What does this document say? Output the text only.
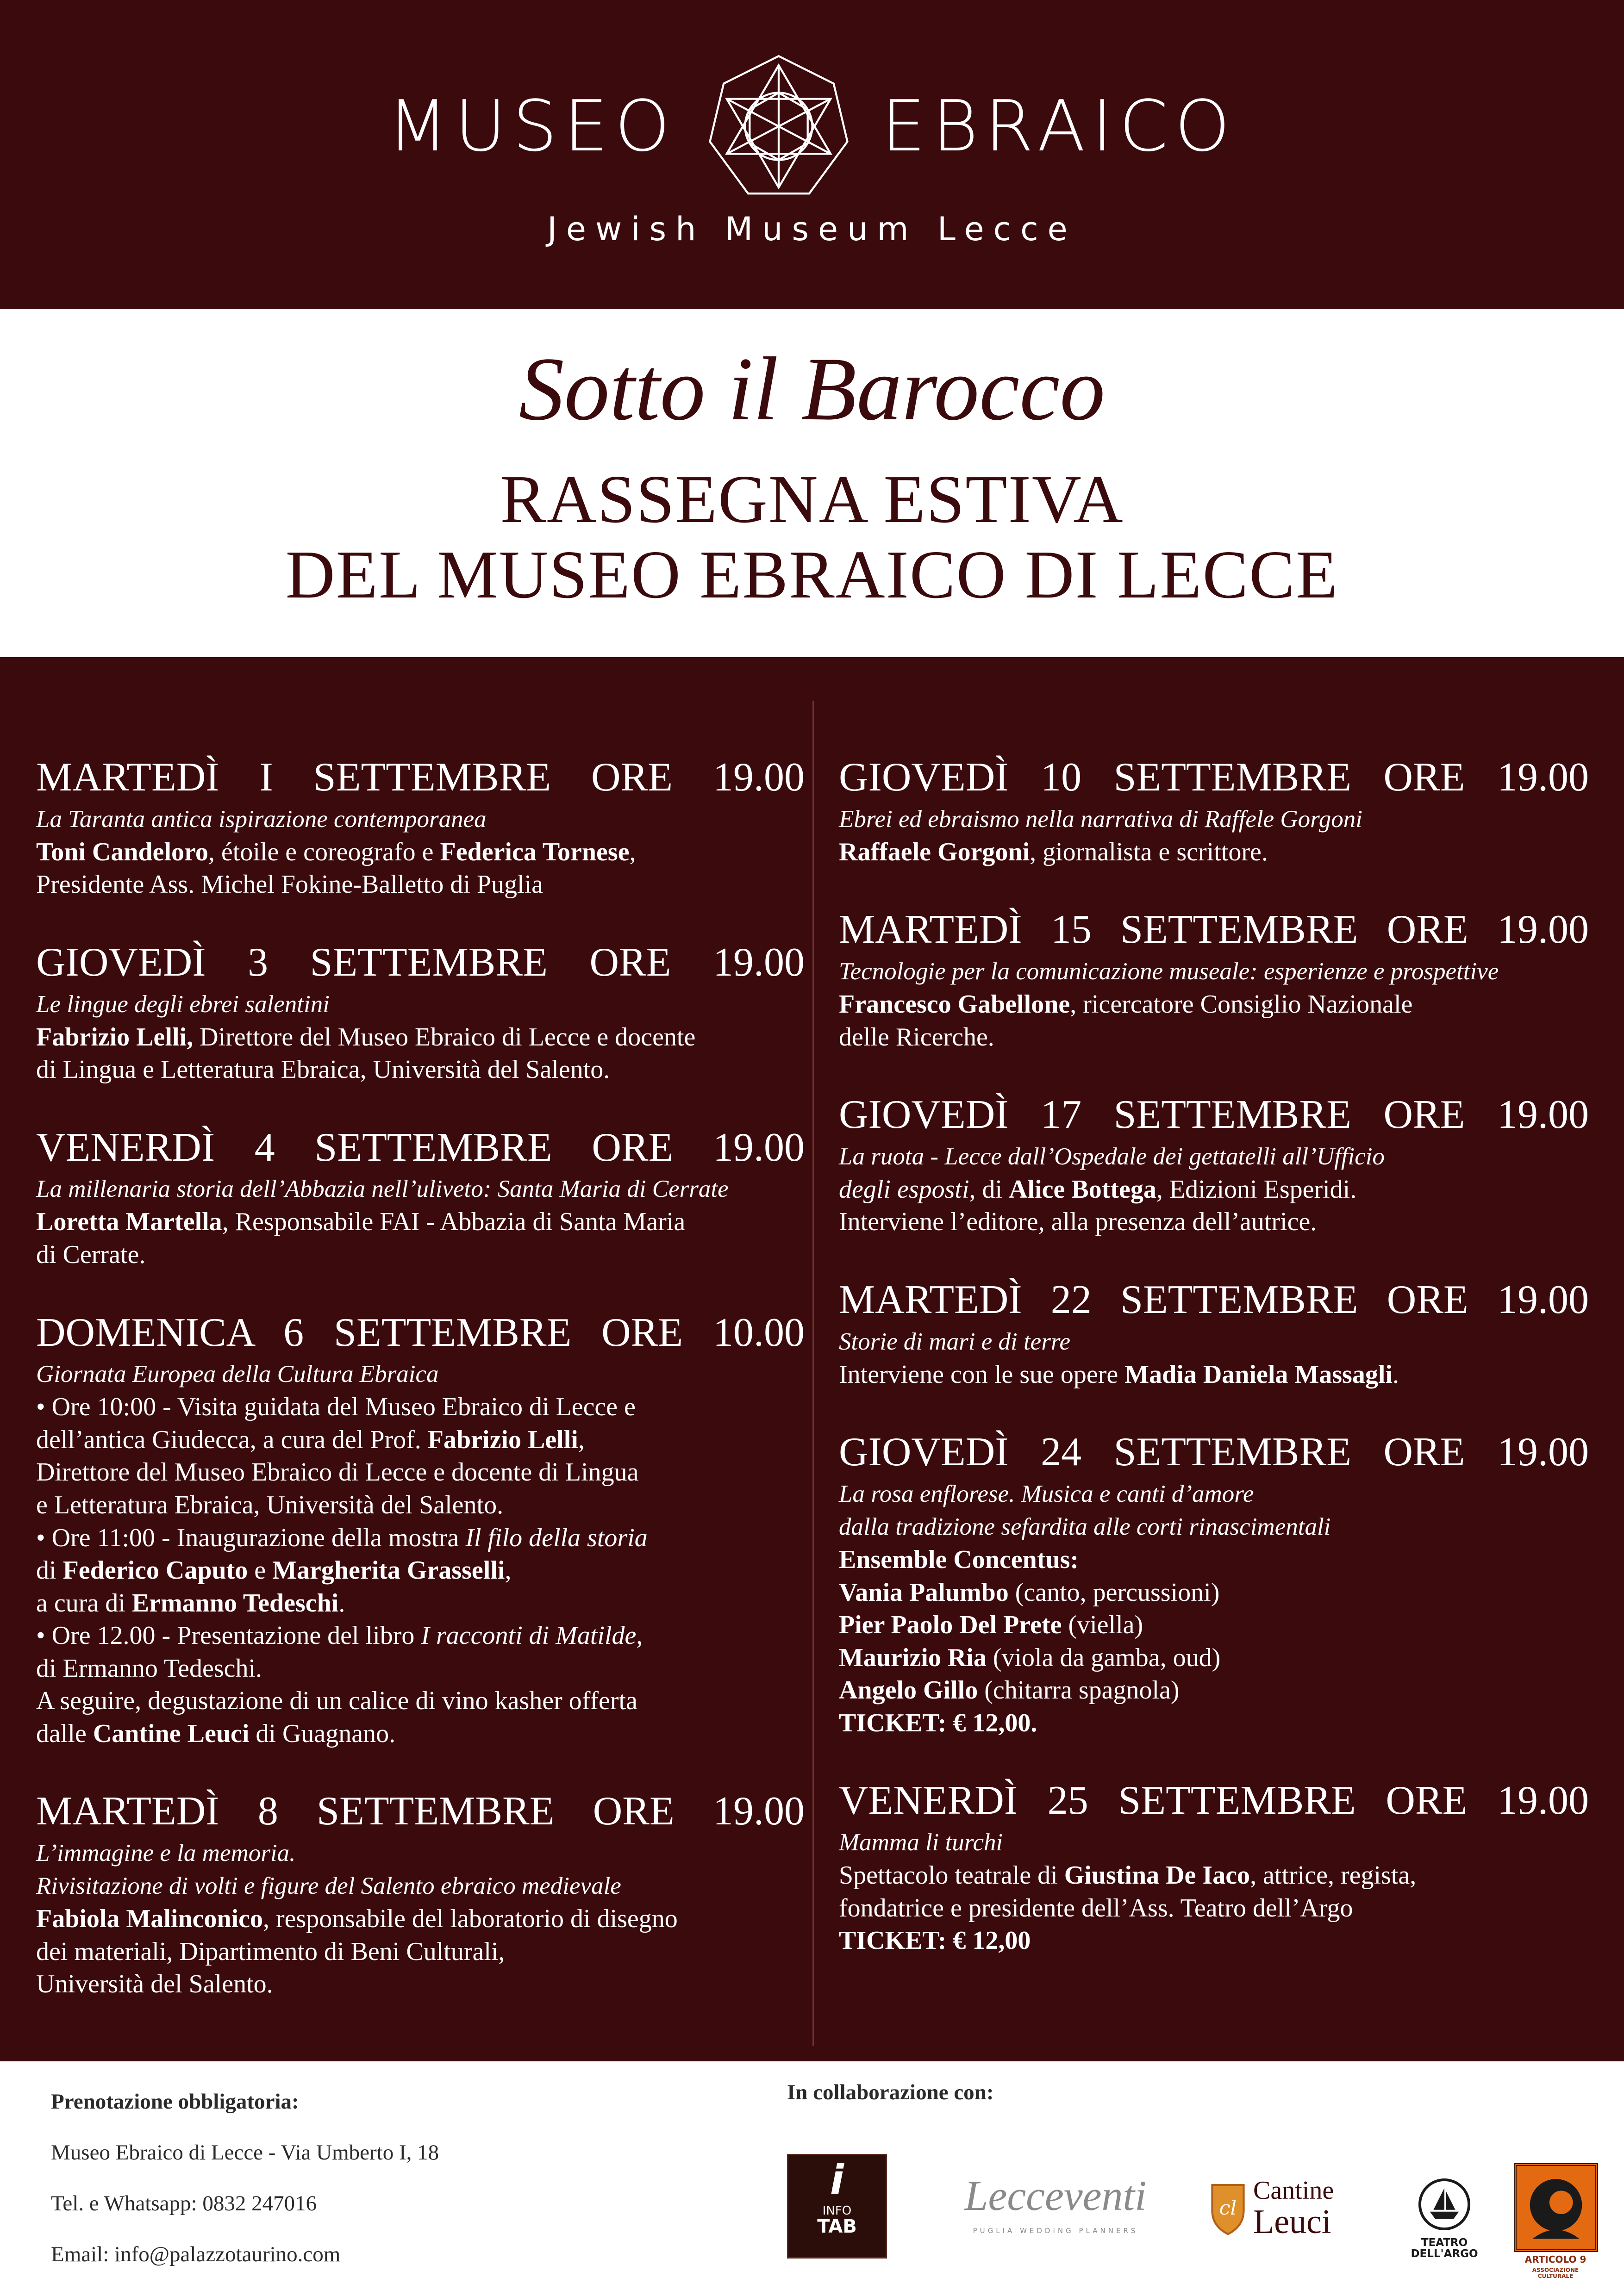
MUSEO	EBRAICO
Jewish Museum Lecce
Sotto il Barocco
RASSEGNA ESTIVA
DEL MUSEO EBRAICO DI LECCE
MARTEDÌ I SETTEMBRE ORE 19.00
La Taranta antica ispirazione contemporanea
Toni Candeloro, étoile e coreografo e Federica Tornese,
Presidente Ass. Michel Fokine-Balletto di Puglia
GIOVEDÌ 3 SETTEMBRE ORE 19.00
Le lingue degli ebrei salentini
Fabrizio Lelli, Direttore del Museo Ebraico di Lecce e docente
di Lingua e Letteratura Ebraica, Università del Salento.
VENERDÌ 4 SETTEMBRE ORE 19.00
La millenaria storia dell’Abbazia nell’uliveto: Santa Maria di Cerrate
Loretta Martella, Responsabile FAI - Abbazia di Santa Maria
di Cerrate.
DOMENICA 6 SETTEMBRE ORE 10.00
Giornata Europea della Cultura Ebraica
• Ore 10:00 - Visita guidata del Museo Ebraico di Lecce e
dell’antica Giudecca, a cura del Prof. Fabrizio Lelli,
Direttore del Museo Ebraico di Lecce e docente di Lingua
e Letteratura Ebraica, Università del Salento.
• Ore 11:00 - Inaugurazione della mostra Il filo della storia
di Federico Caputo e Margherita Grasselli,
a cura di Ermanno Tedeschi.
• Ore 12.00 - Presentazione del libro I racconti di Matilde,
di Ermanno Tedeschi.
A seguire, degustazione di un calice di vino kasher offerta
dalle Cantine Leuci di Guagnano.
MARTEDÌ 8 SETTEMBRE ORE 19.00
L’immagine e la memoria.
Rivisitazione di volti e figure del Salento ebraico medievale
Fabiola Malinconico, responsabile del laboratorio di disegno
dei materiali, Dipartimento di Beni Culturali,
Università del Salento.
GIOVEDÌ 10 SETTEMBRE ORE 19.00
Ebrei ed ebraismo nella narrativa di Raffele Gorgoni
Raffaele Gorgoni, giornalista e scrittore.
MARTEDÌ 15 SETTEMBRE ORE 19.00
Tecnologie per la comunicazione museale: esperienze e prospettive
Francesco Gabellone, ricercatore Consiglio Nazionale
delle Ricerche.
GIOVEDÌ 17 SETTEMBRE ORE 19.00
La ruota - Lecce dall’Ospedale dei gettatelli all’Ufficio
degli esposti, di Alice Bottega, Edizioni Esperidi.
Interviene l’editore, alla presenza dell’autrice.
MARTEDÌ 22 SETTEMBRE ORE 19.00
Storie di mari e di terre
Interviene con le sue opere Madia Daniela Massagli.
GIOVEDÌ 24 SETTEMBRE ORE 19.00
La rosa enflorese. Musica e canti d’amore
dalla tradizione sefardita alle corti rinascimentali
Ensemble Concentus:
Vania Palumbo (canto, percussioni)
Pier Paolo Del Prete (viella)
Maurizio Ria (viola da gamba, oud)
Angelo Gillo (chitarra spagnola)
TICKET: € 12,00.
VENERDÌ 25 SETTEMBRE ORE 19.00
Mamma li turchi
Spettacolo teatrale di Giustina De Iaco, attrice, regista,
fondatrice e presidente dell’Ass. Teatro dell’Argo
TICKET: € 12,00
Prenotazione obbligatoria:
Museo Ebraico di Lecce - Via Umberto I, 18
Tel. e Whatsapp: 0832 247016
Email: info@palazzotaurino.com
In collaborazione con:
i
INFO
TAB
Lecceventi
PUGLIA WEDDING PLANNERS
cl
Cantine
Leuci
TEATRO DELL'ARGO	ARTICOLO 9
ASSOCIAZIONE CULTURALE
